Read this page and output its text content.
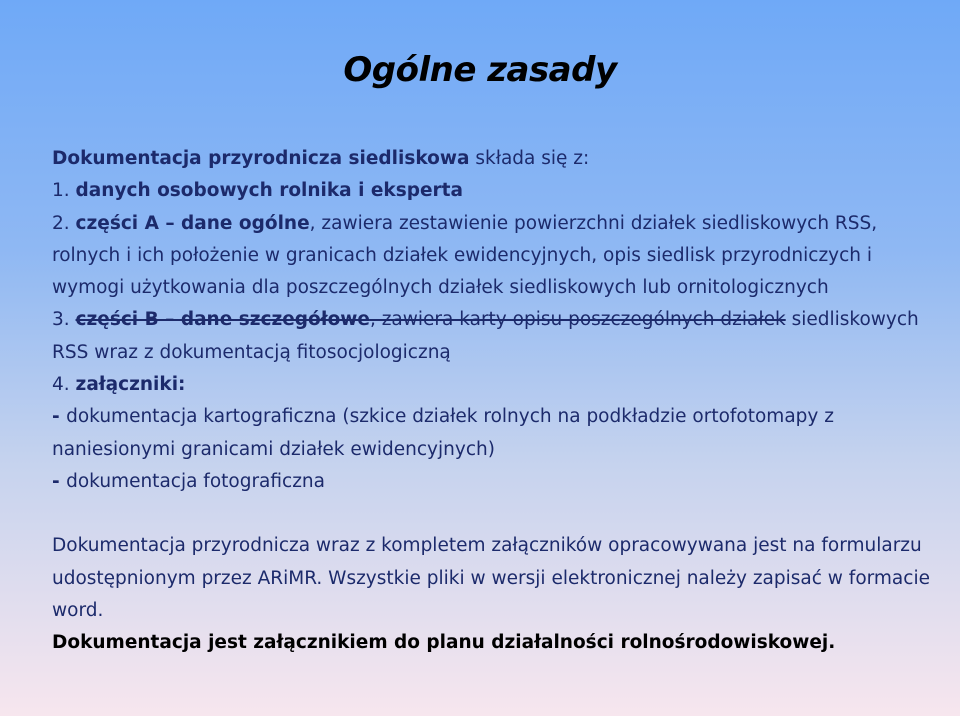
Ogólne zasady

Dokumentacja przyrodnicza siedliskowa składa się z:

1. danych osobowych rolnika i eksperta

2. części A – dane ogólne, zawiera zestawienie powierzchni działek siedliskowych RSS, rolnych i ich położenie w granicach działek ewidencyjnych, opis siedlisk przyrodniczych i wymogi użytkowania dla poszczególnych działek siedliskowych lub ornitologicznych

3. części B – dane szczegółowe, zawiera karty opisu poszczególnych działek siedliskowych RSS wraz z dokumentacją fitosocjologiczną

4. załączniki:

- dokumentacja kartograficzna (szkice działek rolnych na podkładzie ortofotomapy z naniesionymi granicami działek ewidencyjnych)

- dokumentacja fotograficzna

Dokumentacja przyrodnicza wraz z kompletem załączników opracowywana jest na formularzu udostępnionym przez ARiMR. Wszystkie pliki w wersji elektronicznej należy zapisać w formacie word.

Dokumentacja jest załącznikiem do planu działalności rolnośrodowiskowej.
